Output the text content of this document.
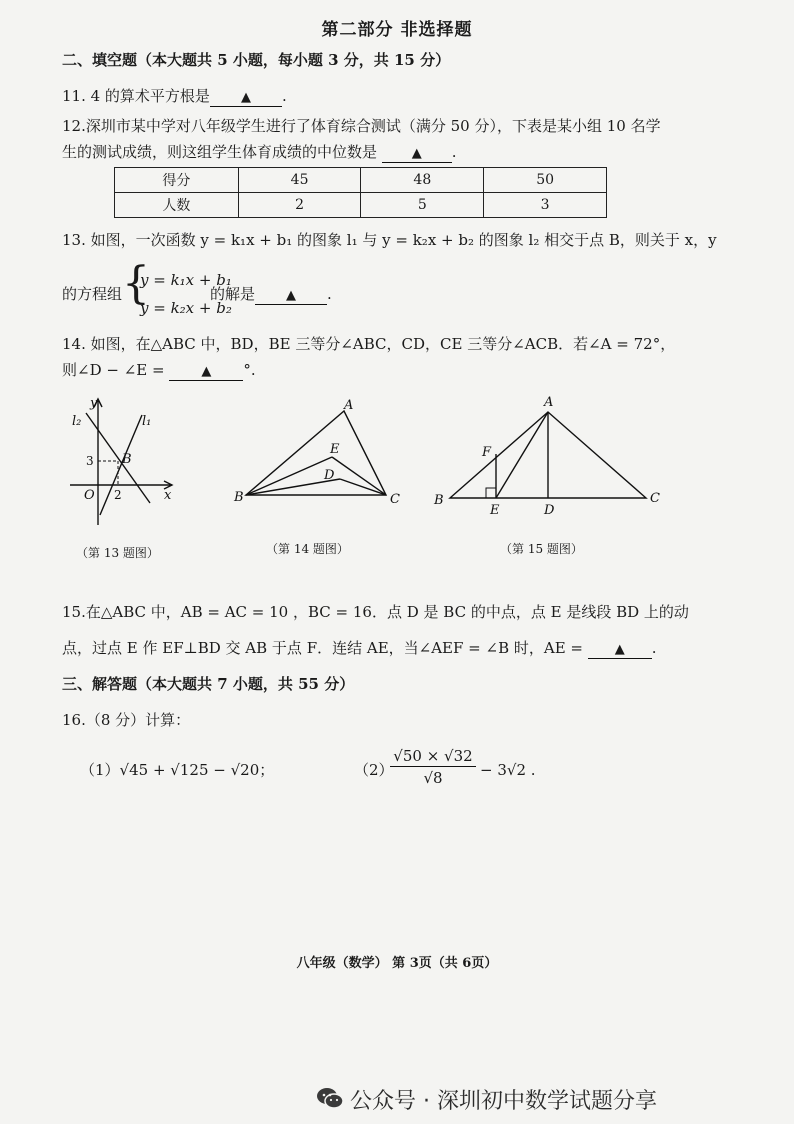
第二部分 非选择题
二、填空题（本大题共 5 小题，每小题 3 分，共 15 分）
11. 4 的算术平方根是 ▲ .
12.深圳市某中学对八年级学生进行了体育综合测试（满分 50 分），下表是某小组 10 名学
生的测试成绩，则这组学生体育成绩的中位数是	▲ .
得分	45	48	50
人数	2	5	3
13. 如图，一次函数 y = k₁x + b₁ 的图象 l₁ 与 y = k₂x + b₂ 的图象 l₂ 相交于点 B，则关于 x，y
的方程组 {
y = k₁x + b₁
y = k₂x + b₂
的解是 ▲ .
14. 如图，在△ABC 中，BD，BE 三等分∠ABC，CD，CE 三等分∠ACB．若∠A = 72°，
则∠D − ∠E =	▲ °.
l₂	l₁
y
x
O
B
3
2
（第 13 题图）
A
B	C
E
D
（第 14 题图）
A
B	C
D
E
F
（第 15 题图）
15.在△ABC 中，AB = AC = 10 ，BC = 16．点 D 是 BC 的中点，点 E 是线段 BD 上的动
点，过点 E 作 EF⊥BD 交 AB 于点 F．连结 AE，当∠AEF = ∠B 时，AE = ▲ .
三、解答题（本大题共 7 小题，共 55 分）
16.（8 分）计算：
（1）√45 + √125 − √20；	（2）
$\frac{√50 \times √32}{√8} - 3√2$ .
八年级（数学） 第 3页（共 6页）
公众号 · 深圳初中数学试题分享
